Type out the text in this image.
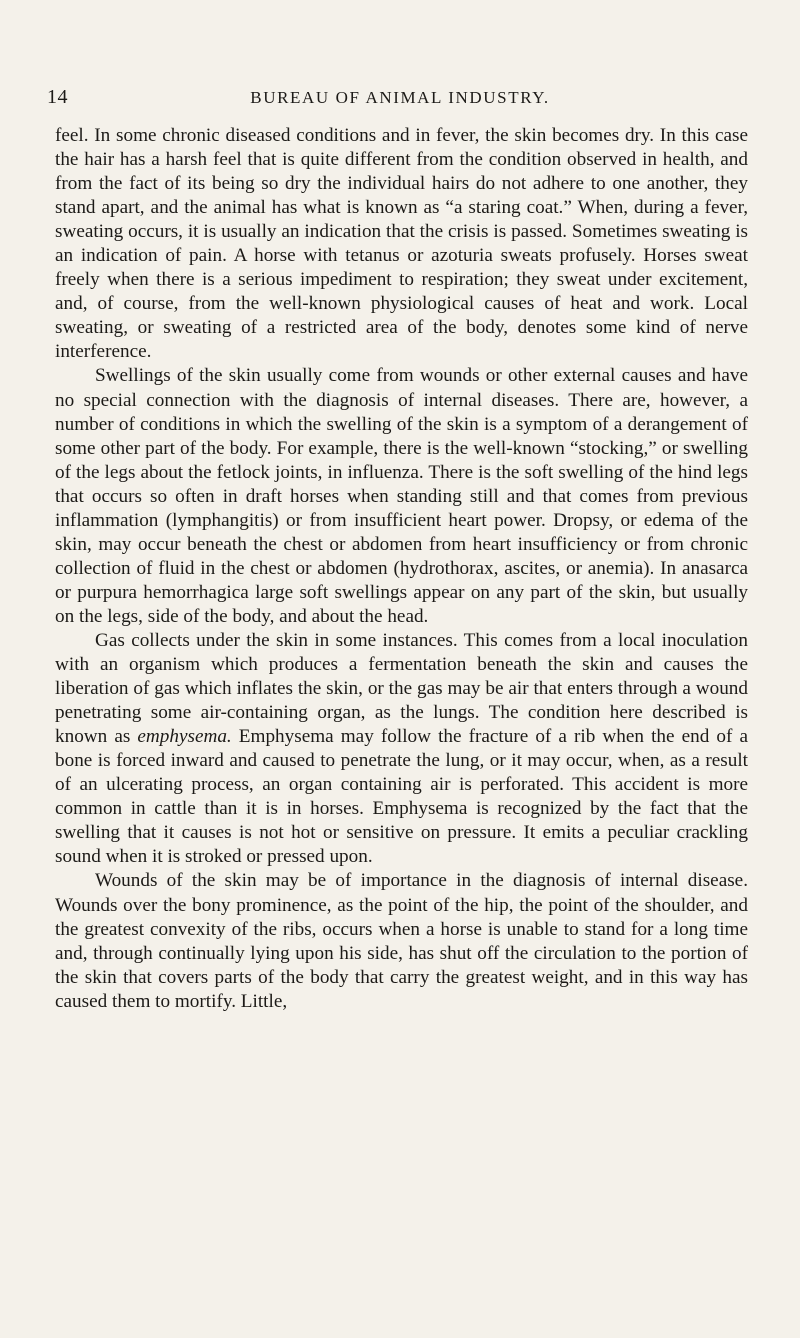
14	BUREAU OF ANIMAL INDUSTRY.

feel. In some chronic diseased conditions and in fever, the skin becomes dry. In this case the hair has a harsh feel that is quite different from the condition observed in health, and from the fact of its being so dry the individual hairs do not adhere to one another, they stand apart, and the animal has what is known as “a staring coat.” When, during a fever, sweating occurs, it is usually an indication that the crisis is passed. Sometimes sweating is an indication of pain. A horse with tetanus or azoturia sweats profusely. Horses sweat freely when there is a serious impediment to respiration; they sweat under excitement, and, of course, from the well-known physiological causes of heat and work. Local sweating, or sweating of a restricted area of the body, denotes some kind of nerve interference.

Swellings of the skin usually come from wounds or other external causes and have no special connection with the diagnosis of internal diseases. There are, however, a number of conditions in which the swelling of the skin is a symptom of a derangement of some other part of the body. For example, there is the well-known “stocking,” or swelling of the legs about the fetlock joints, in influenza. There is the soft swelling of the hind legs that occurs so often in draft horses when standing still and that comes from previous inflammation (lymphangitis) or from insufficient heart power. Dropsy, or edema of the skin, may occur beneath the chest or abdomen from heart insufficiency or from chronic collection of fluid in the chest or abdomen (hydrothorax, ascites, or anemia). In anasarca or purpura hemorrhagica large soft swellings appear on any part of the skin, but usually on the legs, side of the body, and about the head.

Gas collects under the skin in some instances. This comes from a local inoculation with an organism which produces a fermentation beneath the skin and causes the liberation of gas which inflates the skin, or the gas may be air that enters through a wound penetrating some air-containing organ, as the lungs. The condition here described is known as emphysema. Emphysema may follow the fracture of a rib when the end of a bone is forced inward and caused to penetrate the lung, or it may occur, when, as a result of an ulcerating process, an organ containing air is perforated. This accident is more common in cattle than it is in horses. Emphysema is recognized by the fact that the swelling that it causes is not hot or sensitive on pressure. It emits a peculiar crackling sound when it is stroked or pressed upon.

Wounds of the skin may be of importance in the diagnosis of internal disease. Wounds over the bony prominence, as the point of the hip, the point of the shoulder, and the greatest convexity of the ribs, occurs when a horse is unable to stand for a long time and, through continually lying upon his side, has shut off the circulation to the portion of the skin that covers parts of the body that carry the greatest weight, and in this way has caused them to mortify. Little,
